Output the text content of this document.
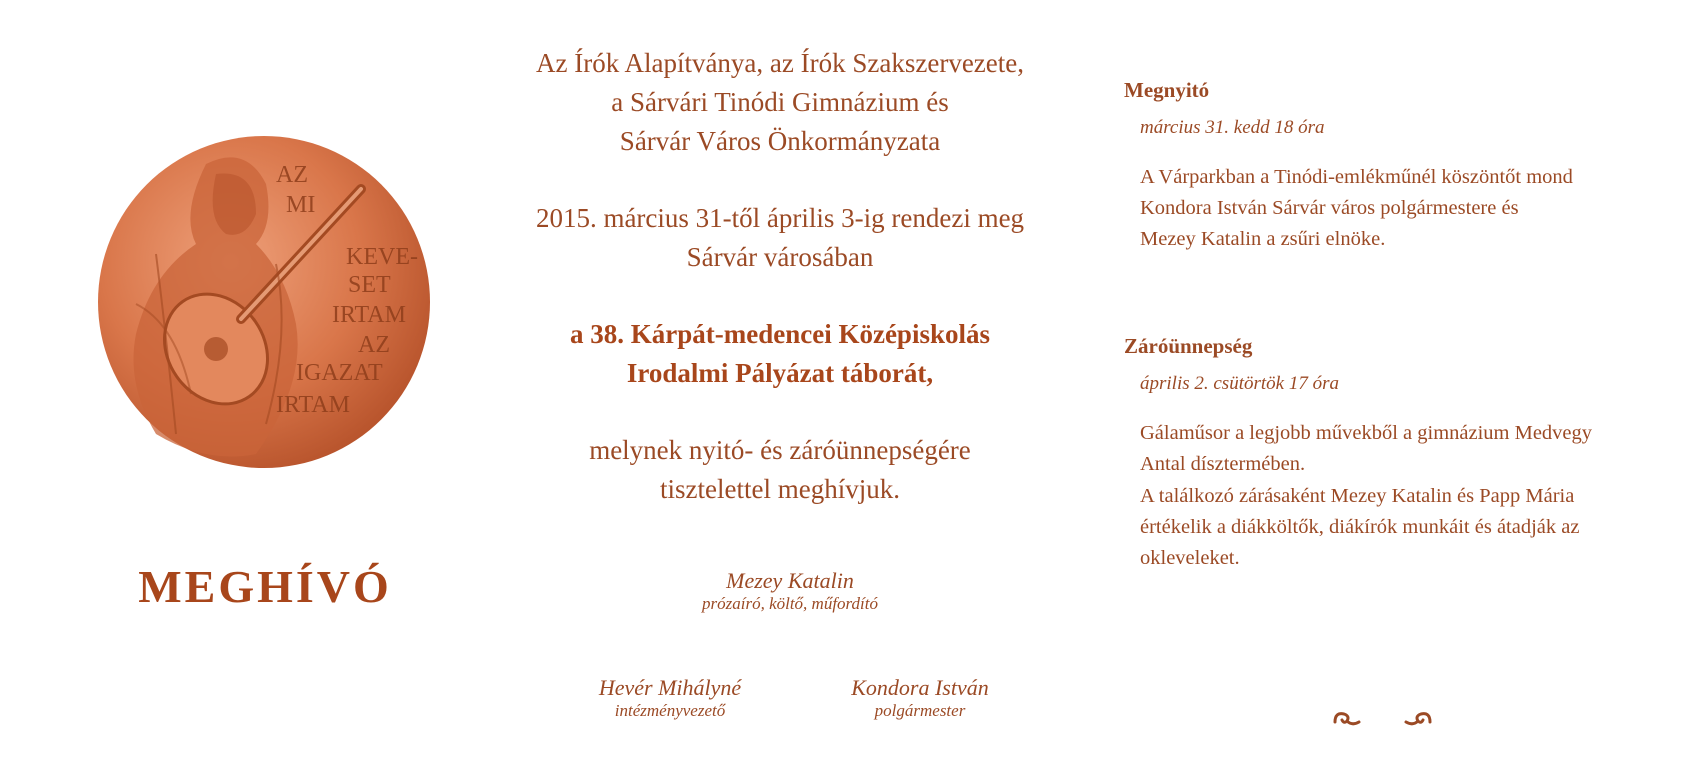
AZ
MI
KEVE-
SET
IRTAM
AZ
IGAZAT
IRTAM
MEGHÍVÓ
Az Írók Alapítványa, az Írók Szakszervezete,
a Sárvári Tinódi Gimnázium és
Sárvár Város Önkormányzata
2015. március 31-től április 3-ig rendezi meg
Sárvár városában
a 38. Kárpát-medencei Középiskolás
Irodalmi Pályázat táborát,
melynek nyitó- és záróünnepségére
tisztelettel meghívjuk.
Mezey Katalin
prózaíró, költő, műfordító
Hevér Mihályné
intézményvezető
Kondora István
polgármester
Megnyitó
március 31. kedd 18 óra
A Várparkban a Tinódi-emlékműnél köszöntőt mond
Kondora István Sárvár város polgármestere és
Mezey Katalin a zsűri elnöke.
Záróünnepség
április 2. csütörtök 17 óra
Gálaműsor a legjobb művekből a gimnázium Medvegy
Antal dísztermében.
A találkozó zárásaként Mezey Katalin és Papp Mária
értékelik a diákköltők, diákírók munkáit és átadják az
okleveleket.
